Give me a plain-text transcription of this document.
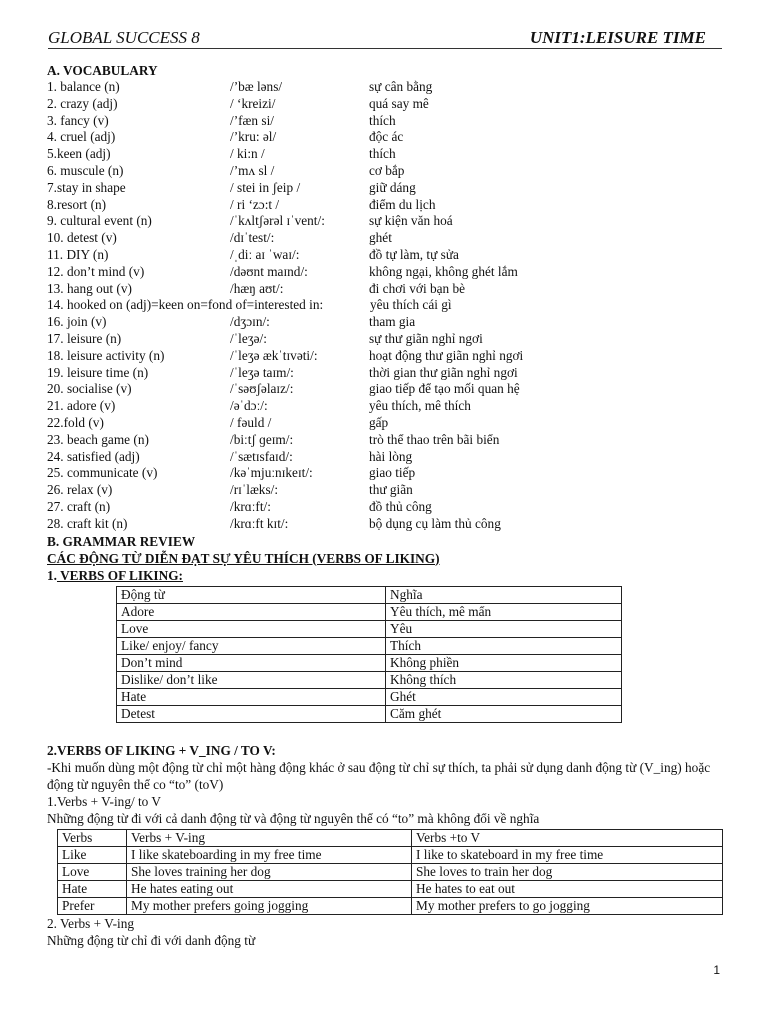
GLOBAL SUCCESS 8	UNIT1:LEISURE TIME
A. VOCABULARY
1. balance (n)	/’bæ ləns/	sự cân bằng
2. crazy (adj)	/ ‘kreizi/	quá say mê
3. fancy (v)	/’fæn si/	thích
4. cruel (adj)	/’kru: əl/	độc ác
5.keen (adj)	/ ki:n /	thích
6. muscule (n)	/’mʌ sl /	cơ bắp
7.stay in shape	/ stei in ʃeip /	giữ dáng
8.resort (n)	/ ri ‘zɔ:t /	điểm du lịch
9. cultural event (n)	/ˈkʌltʃərəl ɪˈvent/:	sự kiện văn hoá
10. detest (v)	/dɪˈtest/:	ghét
11. DIY (n)	/ˌdiː aɪ ˈwaɪ/:	đồ tự làm, tự sửa
12. don’t mind (v)	/dəʊnt maɪnd/:	không ngại, không ghét lắm
13. hang out (v)	/hæŋ aʊt/:	đi chơi với bạn bè
14. hooked on (adj)=keen on=fond of=interested in:	yêu thích cái gì
16. join (v)	/dʒɔɪn/:	tham gia
17. leisure (n)	/ˈleʒə/:	sự thư giãn nghỉ ngơi
18. leisure activity (n)	/ˈleʒə ækˈtɪvəti/:	hoạt động thư giãn nghỉ ngơi
19. leisure time (n)	/ˈleʒə taɪm/:	thời gian thư giãn nghỉ ngơi
20. socialise (v)	/ˈsəʊʃəlaɪz/:	giao tiếp để tạo mối quan hệ
21. adore (v)	/əˈdɔː/:	yêu thích, mê thích
22.fold (v)	/ fəuld /	gấp
23. beach game (n)	/biːtʃ ɡeɪm/:	trò thể thao trên bãi biển
24. satisfied (adj)	/ˈsætɪsfaɪd/:	hài lòng
25. communicate (v)	/kəˈmjuːnɪkeɪt/:	giao tiếp
26. relax (v)	/rɪˈlæks/:	thư giãn
27. craft (n)	/krɑːft/:	đồ thủ công
28. craft kit (n)	/krɑːft kɪt/:	bộ dụng cụ làm thủ công
B. GRAMMAR REVIEW
CÁC ĐỘNG TỪ DIỄN ĐẠT SỰ YÊU THÍCH (VERBS OF LIKING)
1. VERBS OF LIKING:
Động từ	Nghĩa
Adore	Yêu thích, mê mẩn
Love	Yêu
Like/ enjoy/ fancy	Thích
Don’t mind	Không phiền
Dislike/ don’t like	Không thích
Hate	Ghét
Detest	Căm ghét
2.VERBS OF LIKING + V_ING / TO V:
-Khi muốn dùng một động từ chỉ một hàng động khác ở sau động từ chỉ sự thích, ta phải sử dụng danh động từ (V_ing) hoặc động từ nguyên thể co “to” (toV)
1.Verbs + V-ing/ to V
Những động từ đi với cả danh động từ và động từ nguyên thể có “to” mà không đổi về nghĩa
Verbs	Verbs + V-ing	Verbs +to V
Like	I like skateboarding in my free time	I like to skateboard in my free time
Love	She loves training her dog	She loves to train her dog
Hate	He hates eating out	He hates to eat out
Prefer	My mother prefers going jogging	My mother prefers to go jogging
2. Verbs + V-ing
Những động từ chỉ đi với danh động từ
1
